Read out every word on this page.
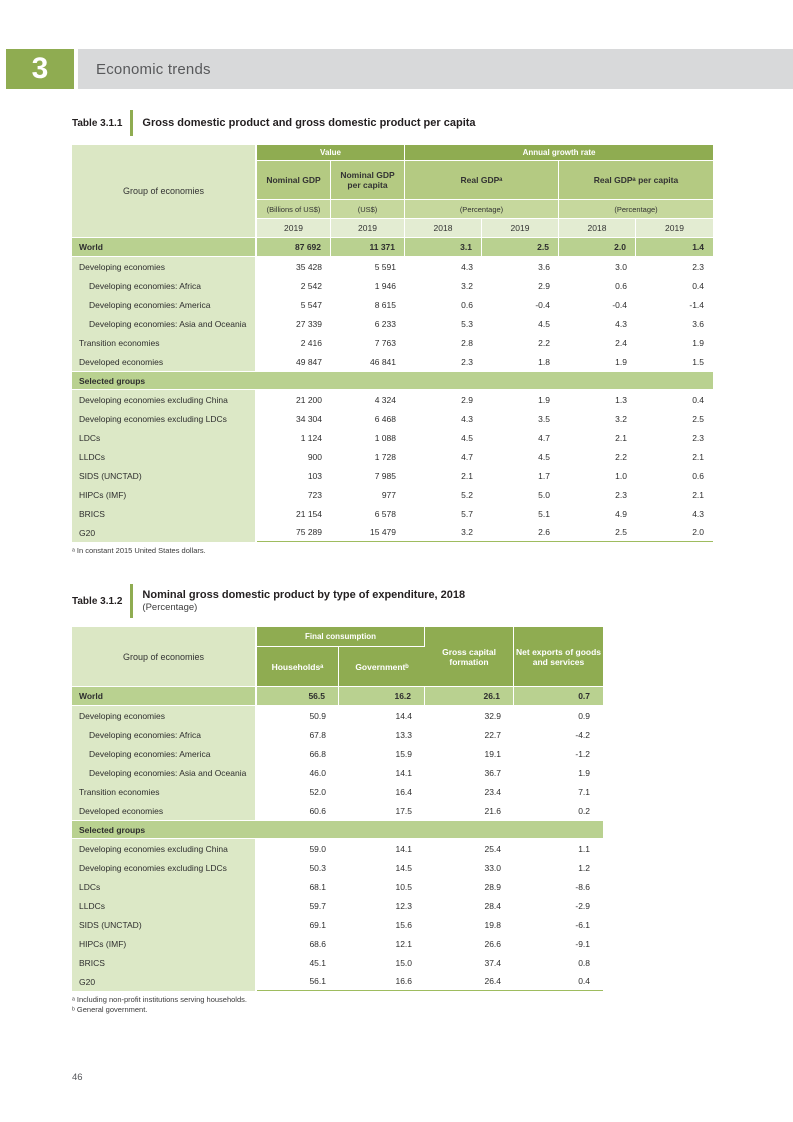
3	Economic trends
Table 3.1.1 Gross domestic product and gross domestic product per capita
Group of economies	Value		Annual growth rate			
	Nominal GDP	Nominal GDP per capita	Real GDPᵃ		Real GDPᵃ per capita	
	(Billions of US$)	(US$)	(Percentage)		(Percentage)	
	2019	2019	2018	2019	2018	2019
World	87 692	11 371	3.1	2.5	2.0	1.4
Developing economies	35 428	5 591	4.3	3.6	3.0	2.3
Developing economies: Africa	2 542	1 946	3.2	2.9	0.6	0.4
Developing economies: America	5 547	8 615	0.6	-0.4	-0.4	-1.4
Developing economies: Asia and Oceania	27 339	6 233	5.3	4.5	4.3	3.6
Transition economies	2 416	7 763	2.8	2.2	2.4	1.9
Developed economies	49 847	46 841	2.3	1.8	1.9	1.5
Selected groups						
Developing economies excluding China	21 200	4 324	2.9	1.9	1.3	0.4
Developing economies excluding LDCs	34 304	6 468	4.3	3.5	3.2	2.5
LDCs	1 124	1 088	4.5	4.7	2.1	2.3
LLDCs	900	1 728	4.7	4.5	2.2	2.1
SIDS (UNCTAD)	103	7 985	2.1	1.7	1.0	0.6
HIPCs (IMF)	723	977	5.2	5.0	2.3	2.1
BRICS	21 154	6 578	5.7	5.1	4.9	4.3
G20	75 289	15 479	3.2	2.6	2.5	2.0
ᵃ In constant 2015 United States dollars.
Table 3.1.2 Nominal gross domestic product by type of expenditure, 2018
(Percentage)
Group of economies	Final consumption		Gross capital formation	Net exports of goods and services
	Householdsᵃ	Governmentᵇ		
World	56.5	16.2	26.1	0.7
Developing economies	50.9	14.4	32.9	0.9
Developing economies: Africa	67.8	13.3	22.7	-4.2
Developing economies: America	66.8	15.9	19.1	-1.2
Developing economies: Asia and Oceania	46.0	14.1	36.7	1.9
Transition economies	52.0	16.4	23.4	7.1
Developed economies	60.6	17.5	21.6	0.2
Selected groups				
Developing economies excluding China	59.0	14.1	25.4	1.1
Developing economies excluding LDCs	50.3	14.5	33.0	1.2
LDCs	68.1	10.5	28.9	-8.6
LLDCs	59.7	12.3	28.4	-2.9
SIDS (UNCTAD)	69.1	15.6	19.8	-6.1
HIPCs (IMF)	68.6	12.1	26.6	-9.1
BRICS	45.1	15.0	37.4	0.8
G20	56.1	16.6	26.4	0.4
ᵃ Including non-profit institutions serving households.
ᵇ General government.
46
